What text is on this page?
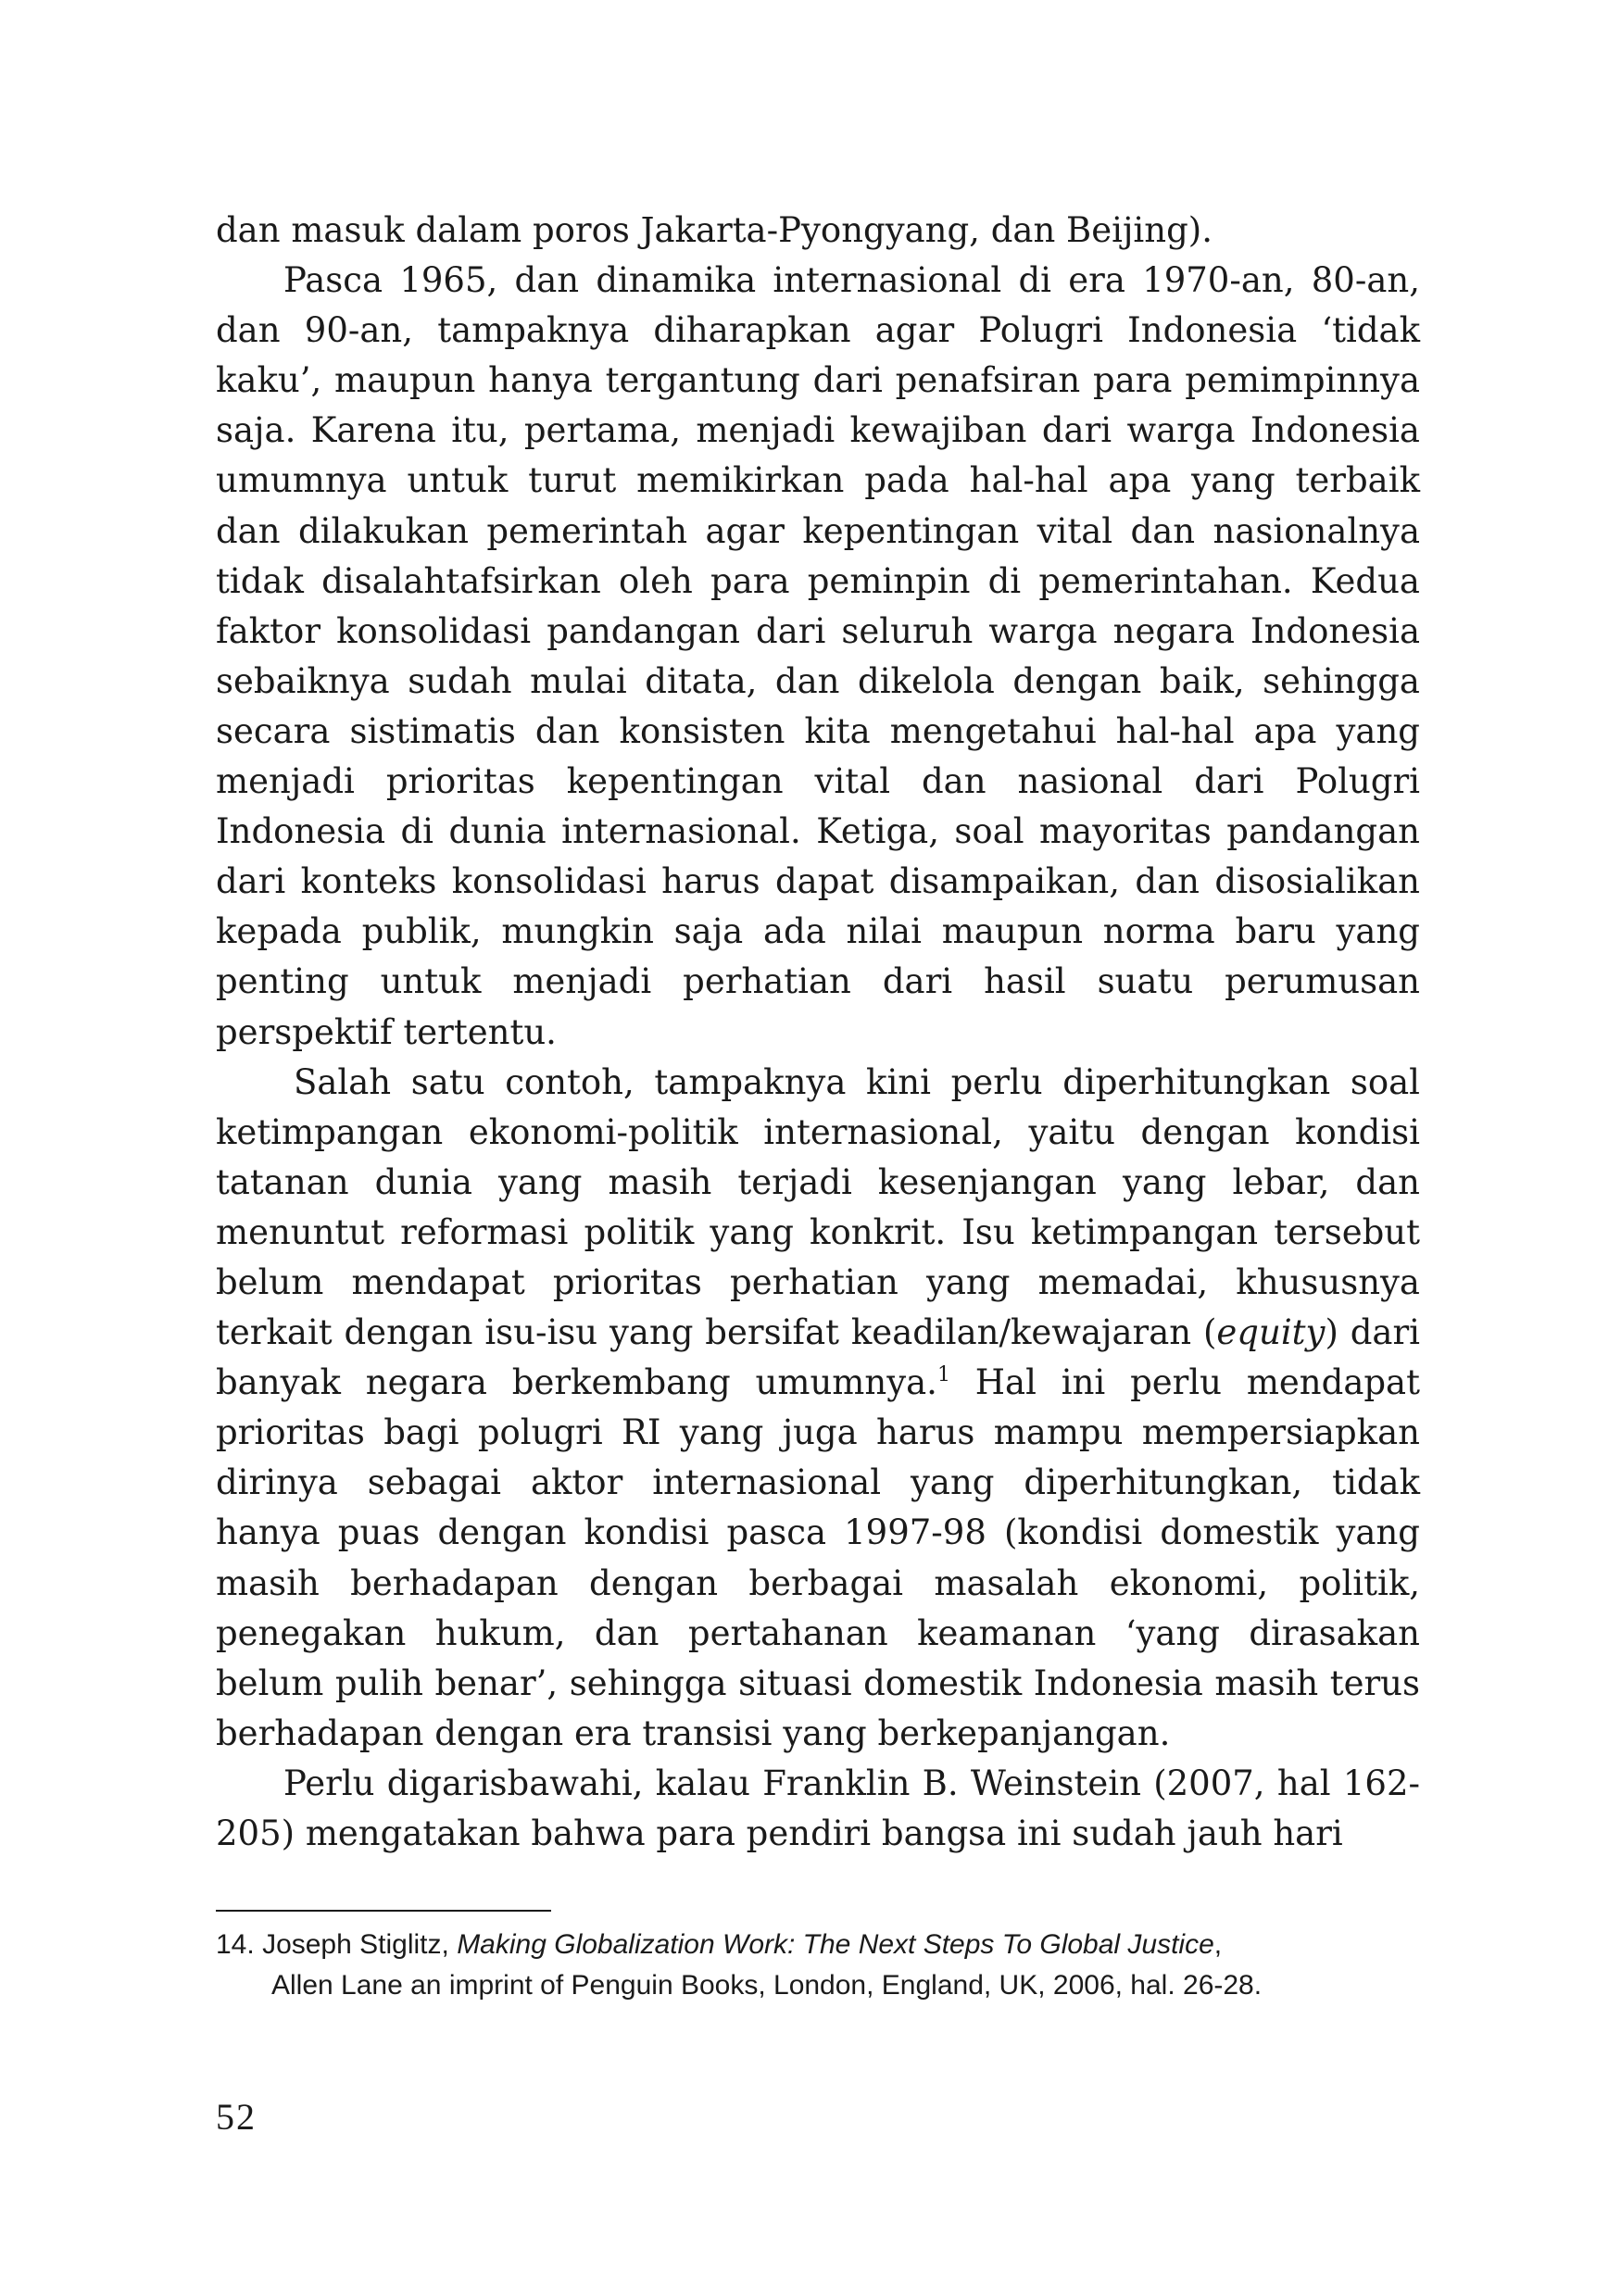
dan masuk dalam poros Jakarta-Pyongyang, dan Beijing).

Pasca 1965, dan dinamika internasional di era 1970-an, 80-an, dan 90-an, tampaknya diharapkan agar Polugri Indonesia ‘tidak kaku’, maupun hanya tergantung dari penafsiran para pemimpinnya saja. Karena itu, pertama, menjadi kewajiban dari warga Indonesia umumnya untuk turut memikirkan pada hal-hal apa yang terbaik dan dilakukan pemerintah agar kepentingan vital dan nasionalnya tidak disalahtafsirkan oleh para peminpin di pemerintahan. Kedua faktor konsolidasi pandangan dari seluruh warga negara Indonesia sebaiknya sudah mulai ditata, dan dikelola dengan baik, sehingga secara sistimatis dan konsisten kita mengetahui hal-hal apa yang menjadi prioritas kepentingan vital dan nasional dari Polugri Indonesia di dunia internasional. Ketiga, soal mayoritas pandangan dari konteks konsolidasi harus dapat disampaikan, dan disosialikan kepada publik, mungkin saja ada nilai maupun norma baru yang penting untuk menjadi perhatian dari hasil suatu perumusan perspektif tertentu.

Salah satu contoh, tampaknya kini perlu diperhitungkan soal ketimpangan ekonomi-politik internasional, yaitu dengan kondisi tatanan dunia yang masih terjadi kesenjangan yang lebar, dan menuntut reformasi politik yang konkrit. Isu ketimpangan tersebut belum mendapat prioritas perhatian yang memadai, khususnya terkait dengan isu-isu yang bersifat keadilan/kewajaran (equity) dari banyak negara berkembang umumnya.$^1$ Hal ini perlu mendapat prioritas bagi polugri RI yang juga harus mampu mempersiapkan dirinya sebagai aktor internasional yang diperhitungkan, tidak hanya puas dengan kondisi pasca 1997-98 (kondisi domestik yang masih berhadapan dengan berbagai masalah ekonomi, politik, penegakan hukum, dan pertahanan keamanan ‘yang dirasakan belum pulih benar’, sehingga situasi domestik Indonesia masih terus berhadapan dengan era transisi yang berkepanjangan.

Perlu digarisbawahi, kalau Franklin B. Weinstein (2007, hal 162-205) mengatakan bahwa para pendiri bangsa ini sudah jauh hari

14. Joseph Stiglitz, Making Globalization Work: The Next Steps To Global Justice,
Allen Lane an imprint of Penguin Books, London, England, UK, 2006, hal. 26-28.
52
